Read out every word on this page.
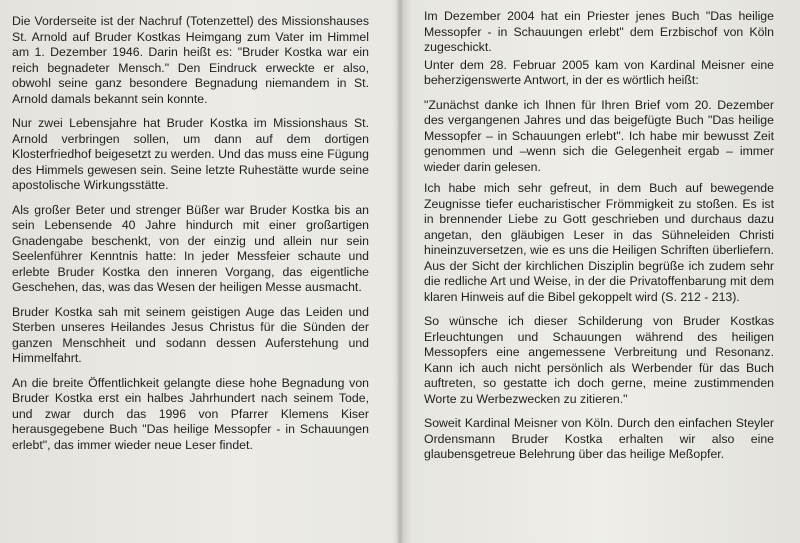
Die Vorderseite ist der Nachruf (Totenzettel) des Missionshauses St. Arnold auf Bruder Kostkas Heimgang zum Vater im Himmel am 1. Dezember 1946. Darin heißt es: "Bruder Kostka war ein reich begnadeter Mensch." Den Eindruck erweckte er also, obwohl seine ganz besondere Begnadung niemandem in St. Arnold damals bekannt sein konnte.

Nur zwei Lebensjahre hat Bruder Kostka im Missionshaus St. Arnold verbringen sollen, um dann auf dem dortigen Klosterfriedhof beigesetzt zu werden. Und das muss eine Fügung des Himmels gewesen sein. Seine letzte Ruhestätte wurde seine apostolische Wirkungsstätte.

Als großer Beter und strenger Büßer war Bruder Kostka bis an sein Lebensende 40 Jahre hindurch mit einer großartigen Gnadengabe beschenkt, von der einzig und allein nur sein Seelenführer Kenntnis hatte: In jeder Messfeier schaute und erlebte Bruder Kostka den inneren Vorgang, das eigentliche Geschehen, das, was das Wesen der heiligen Messe ausmacht.

Bruder Kostka sah mit seinem geistigen Auge das Leiden und Sterben unseres Heilandes Jesus Christus für die Sünden der ganzen Menschheit und sodann dessen Auferstehung und Himmelfahrt.

An die breite Öffentlichkeit gelangte diese hohe Begnadung von Bruder Kostka erst ein halbes Jahrhundert nach seinem Tode, und zwar durch das 1996 von Pfarrer Klemens Kiser herausgegebene Buch "Das heilige Messopfer - in Schauungen erlebt", das immer wieder neue Leser findet.

Im Dezember 2004 hat ein Priester jenes Buch "Das heilige Messopfer - in Schauungen erlebt" dem Erzbischof von Köln zugeschickt.

Unter dem 28. Februar 2005 kam von Kardinal Meisner eine beherzigenswerte Antwort, in der es wörtlich heißt:

"Zunächst danke ich Ihnen für Ihren Brief vom 20. Dezember des vergangenen Jahres und das beigefügte Buch "Das heilige Messopfer – in Schauungen erlebt". Ich habe mir bewusst Zeit genommen und –wenn sich die Gelegenheit ergab – immer wieder darin gelesen.

Ich habe mich sehr gefreut, in dem Buch auf bewegende Zeugnisse tiefer eucharistischer Frömmigkeit zu stoßen. Es ist in brennender Liebe zu Gott geschrieben und durchaus dazu angetan, den gläubigen Leser in das Sühneleiden Christi hineinzuversetzen, wie es uns die Heiligen Schriften überliefern. Aus der Sicht der kirchlichen Disziplin begrüße ich zudem sehr die redliche Art und Weise, in der die Privatoffenbarung mit dem klaren Hinweis auf die Bibel gekoppelt wird (S. 212 - 213).

So wünsche ich dieser Schilderung von Bruder Kostkas Erleuchtungen und Schauungen während des heiligen Messopfers eine angemessene Verbreitung und Resonanz. Kann ich auch nicht persönlich als Werbender für das Buch auftreten, so gestatte ich doch gerne, meine zustimmenden Worte zu Werbezwecken zu zitieren."

Soweit Kardinal Meisner von Köln. Durch den einfachen Steyler Ordensmann Bruder Kostka erhalten wir also eine glaubensgetreue Belehrung über das heilige Meßopfer.
